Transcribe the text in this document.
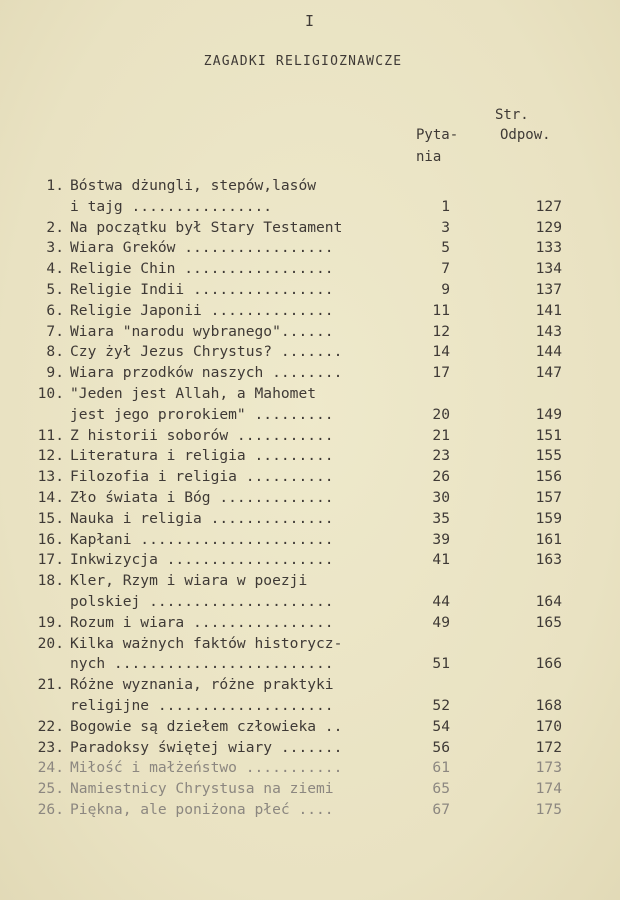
I
ZAGADKI RELIGIOZNAWCZE
Str.
Pyta-
nia
Odpow.
1. Bóstwa dżungli, stepów,lasów
i tajg ................	1	127
2. Na początku był Stary Testament	3	129
3. Wiara Greków .................	5	133
4. Religie Chin .................	7	134
5. Religie Indii ................	9	137
6. Religie Japonii ..............	11	141
7. Wiara "narodu wybranego"......	12	143
8. Czy żył Jezus Chrystus? .......	14	144
9. Wiara przodków naszych ........	17	147
10. "Jeden jest Allah, a Mahomet
jest jego prorokiem" .........	20	149
11. Z historii soborów ...........	21	151
12. Literatura i religia .........	23	155
13. Filozofia i religia ..........	26	156
14. Zło świata i Bóg .............	30	157
15. Nauka i religia ..............	35	159
16. Kapłani ......................	39	161
17. Inkwizycja ...................	41	163
18. Kler, Rzym i wiara w poezji
polskiej .....................	44	164
19. Rozum i wiara ................	49	165
20. Kilka ważnych faktów historycz-
nych .........................	51	166
21. Różne wyznania, różne praktyki
religijne ....................	52	168
22. Bogowie są dziełem człowieka ..	54	170
23. Paradoksy świętej wiary .......	56	172
24. Miłość i małżeństwo ...........	61	173
25. Namiestnicy Chrystusa na ziemi	65	174
26. Piękna, ale poniżona płeć ....	67	175
